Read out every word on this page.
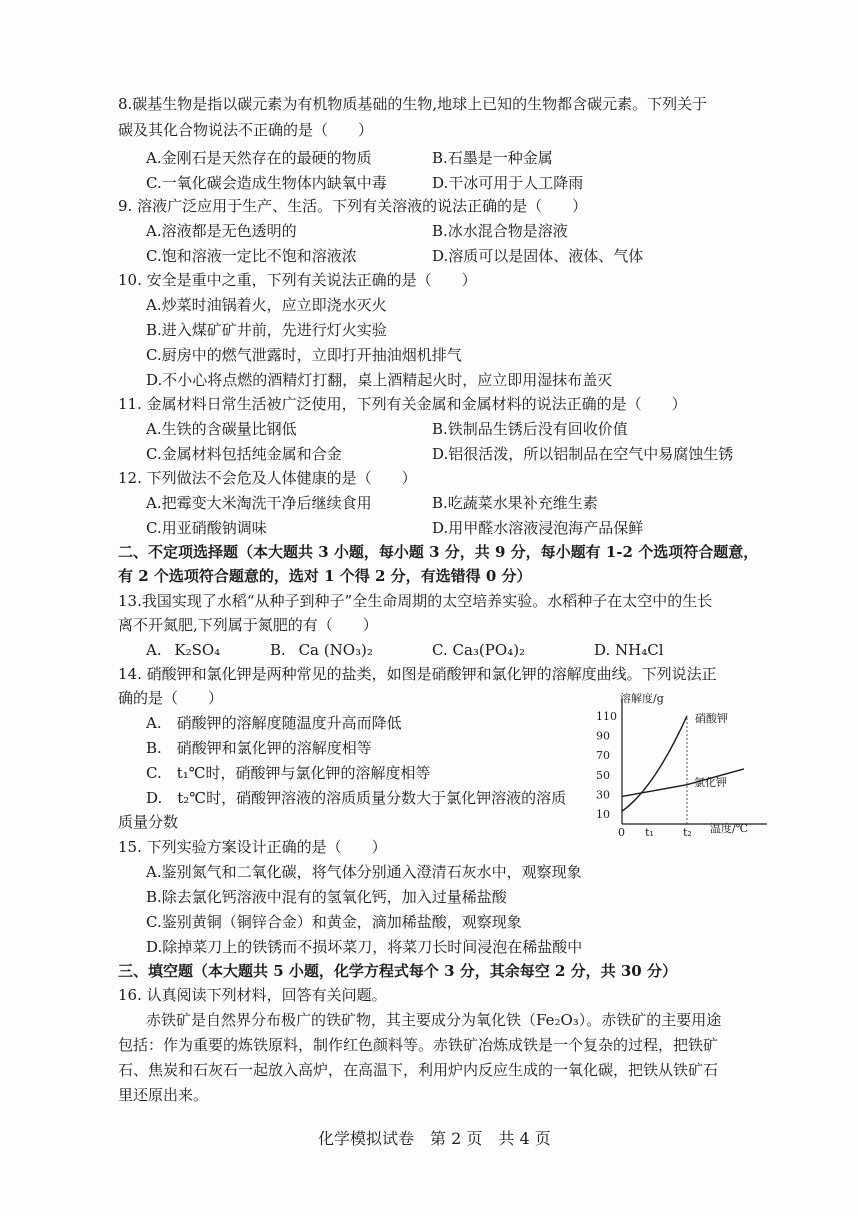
8.碳基生物是指以碳元素为有机物质基础的生物,地球上已知的生物都含碳元素。下列关于
碳及其化合物说法不正确的是（　　）
A.金刚石是天然存在的最硬的物质	B.石墨是一种金属
C.一氧化碳会造成生物体内缺氧中毒	D.干冰可用于人工降雨
9. 溶液广泛应用于生产、生活。下列有关溶液的说法正确的是（　　）
A.溶液都是无色透明的	B.冰水混合物是溶液
C.饱和溶液一定比不饱和溶液浓	D.溶质可以是固体、液体、气体
10. 安全是重中之重，下列有关说法正确的是（　　）
A.炒菜时油锅着火，应立即浇水灭火
B.进入煤矿矿井前，先进行灯火实验
C.厨房中的燃气泄露时，立即打开抽油烟机排气
D.不小心将点燃的酒精灯打翻，桌上酒精起火时，应立即用湿抹布盖灭
11. 金属材料日常生活被广泛使用，下列有关金属和金属材料的说法正确的是（　　）
A.生铁的含碳量比钢低	B.铁制品生锈后没有回收价值
C.金属材料包括纯金属和合金	D.铝很活泼，所以铝制品在空气中易腐蚀生锈
12. 下列做法不会危及人体健康的是（　　）
A.把霉变大米淘洗干净后继续食用	B.吃蔬菜水果补充维生素
C.用亚硝酸钠调味	D.用甲醛水溶液浸泡海产品保鲜
二、不定项选择题（本大题共 3 小题，每小题 3 分，共 9 分，每小题有 1-2 个选项符合题意，
有 2 个选项符合题意的，选对 1 个得 2 分，有选错得 0 分）
13.我国实现了水稻“从种子到种子”全生命周期的太空培养实验。水稻种子在太空中的生长
离不开氮肥,下列属于氮肥的有（　　）
A. K₂SO₄	B. Ca (NO₃)₂	C. Ca₃(PO₄)₂	D. NH₄Cl
14. 硝酸钾和氯化钾是两种常见的盐类，如图是硝酸钾和氯化钾的溶解度曲线。下列说法正
确的是（　　）
A.　硝酸钾的溶解度随温度升高而降低
B.　硝酸钾和氯化钾的溶解度相等
C.　t₁℃时，硝酸钾与氯化钾的溶解度相等
D.　t₂℃时，硝酸钾溶液的溶质质量分数大于氯化钾溶液的溶质
质量分数
溶解度/g
温度/℃
110
90
70
50
30
10
0 t₁	t₂
硝酸钾
氯化钾
15. 下列实验方案设计正确的是（　　）
A.鉴别氮气和二氧化碳，将气体分别通入澄清石灰水中，观察现象
B.除去氯化钙溶液中混有的氢氧化钙，加入过量稀盐酸
C.鉴别黄铜（铜锌合金）和黄金，滴加稀盐酸，观察现象
D.除掉菜刀上的铁锈而不损坏菜刀，将菜刀长时间浸泡在稀盐酸中
三、填空题（本大题共 5 小题，化学方程式每个 3 分，其余每空 2 分，共 30 分）
16. 认真阅读下列材料，回答有关问题。
赤铁矿是自然界分布极广的铁矿物，其主要成分为氧化铁（Fe₂O₃）。赤铁矿的主要用途
包括：作为重要的炼铁原料，制作红色颜料等。赤铁矿冶炼成铁是一个复杂的过程，把铁矿
石、焦炭和石灰石一起放入高炉，在高温下，利用炉内反应生成的一氧化碳，把铁从铁矿石
里还原出来。
化学模拟试卷　第 2 页　共 4 页
